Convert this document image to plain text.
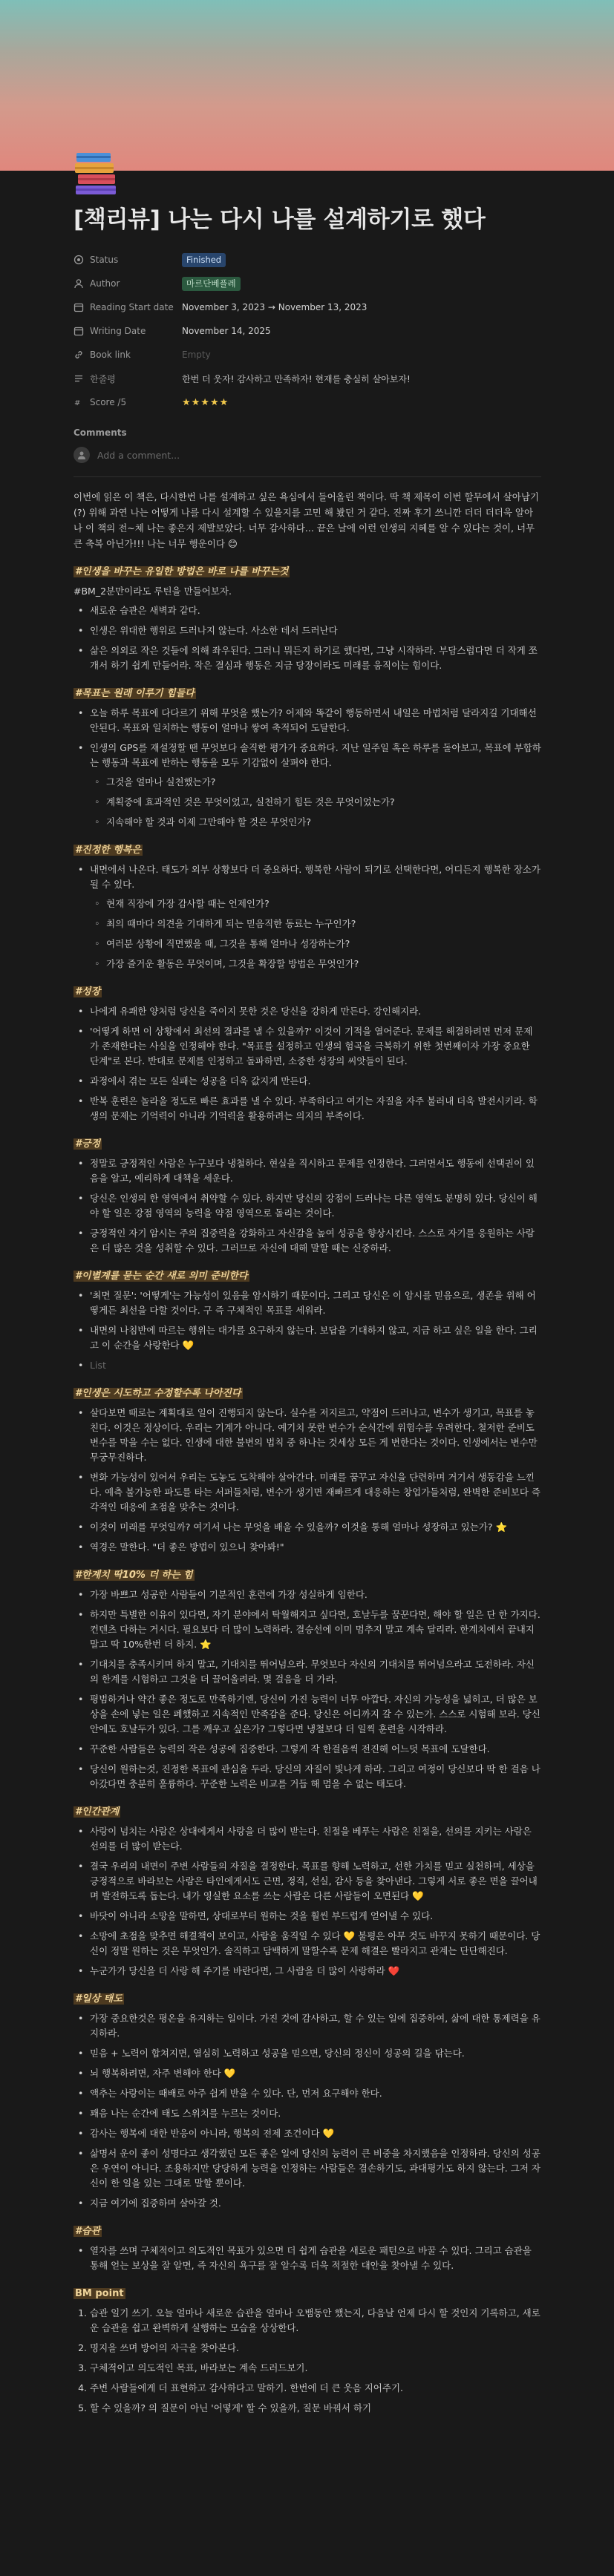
[책리뷰] 나는 다시 나를 설계하기로 했다
Status	Finished
Author	마르단베플레
Reading Start date November 3, 2023 → November 13, 2023
Writing Date	November 14, 2025
Book link	Empty
한줄평	한번 더 웃자! 감사하고 만족하자! 현재를 충실히 살아보자!
# Score /5	★★★★★
Comments
Add a comment...

이번에 읽은 이 책은, 다시한번 나를 설계하고 싶은 욕심에서 들어올린 책이다. 딱 책 제목이 이번 할무에서 살아남기(?) 위해 과연 나는 어떻게 나를 다시 설계할 수 있을지를 고민 해 봤던 거 같다. 진짜 후기 쓰니깐 더더 더더욱 알아나 이 책의 전~체 나는 좋은지 제발보았다. 너무 감사하다... 끝은 날에 이런 인생의 지혜를 알 수 있다는 것이, 너무 큰 축복 아닌가!!! 나는 너무 행운이다 😊

#인생을 바꾸는 유일한 방법은 바로 나를 바꾸는것
#BM_2분만이라도 루틴을 만들어보자.
• 새로운 습관은 새벽과 같다.
• 인생은 위대한 행위로 드러나지 않는다. 사소한 데서 드러난다
• 삶은 의외로 작은 것들에 의해 좌우된다. 그러니 뭐든지 하기로 했다면, 그냥 시작하라. 부담스럽다면 더 작게 쪼개서 하기 쉽게 만들어라. 작은 결심과 행동은 지금 당장이라도 미래를 움직이는 힘이다.
#목표는 원래 이루기 힘들다
• 오늘 하루 목표에 다다르기 위해 무엇을 했는가? 어제와 똑같이 행동하면서 내일은 마법처럼 달라지길 기대해선 안된다. 목표와 일치하는 행동이 얼마나 쌓여 축적되어 도달한다.
• 인생의 GPS를 재설정할 땐 무엇보다 솔직한 평가가 중요하다. 지난 일주일 혹은 하루를 돌아보고, 목표에 부합하는 행동과 목표에 반하는 행동을 모두 기감없이 살펴야 한다.
◦ 그것을 얼마나 실천했는가?
◦ 계획중에 효과적인 것은 무엇이었고, 실천하기 힘든 것은 무엇이었는가?
◦ 지속해야 할 것과 이제 그만해야 할 것은 무엇인가?
#진정한 행복은
• 내면에서 나온다. 태도가 외부 상황보다 더 중요하다. 행복한 사람이 되기로 선택한다면, 어디든지 행복한 장소가 될 수 있다.
◦ 현재 직장에 가장 감사할 때는 언제인가?
◦ 최의 때마다 의견을 기대하게 되는 믿음직한 동료는 누구인가?
◦ 여러분 상황에 직면했을 때, 그것을 통해 얼마나 성장하는가?
◦ 가장 즐거운 활동은 무엇이며, 그것을 확장할 방법은 무엇인가?
#성장
• 나에게 유쾌한 양처럼 당신을 죽이지 못한 것은 당신을 강하게 만든다. 강인해지라.
• '어떻게 하면 이 상황에서 최선의 결과를 낼 수 있을까?' 이것이 기적을 열어준다. 문제를 해결하려면 먼저 문제가 존재한다는 사실을 인정해야 한다. "목표를 설정하고 인생의 험곡을 극복하기 위한 첫번째이자 가장 중요한 단계"로 본다. 반대로 문제를 인정하고 돌파하면, 소중한 성장의 씨앗들이 된다.
• 과정에서 겪는 모든 실패는 성공을 더욱 값지게 만든다.
• 반복 훈련은 놀라울 정도로 빠른 효과를 낼 수 있다. 부족하다고 여기는 자질을 자주 불러내 더욱 발전시키라. 학생의 문제는 기억력이 아니라 기억력을 활용하려는 의지의 부족이다.
#긍정
• 정말로 긍정적인 사람은 누구보다 냉철하다. 현실을 직시하고 문제를 인정한다. 그러면서도 행동에 선택권이 있음을 알고, 예리하게 대책을 세운다.
• 당신은 인생의 한 영역에서 취약할 수 있다. 하지만 당신의 강점이 드러나는 다른 영역도 분명히 있다. 당신이 해야 할 일은 강점 영역의 능력을 약점 영역으로 돌리는 것이다.
• 긍정적인 자기 암시는 주의 집중력을 강화하고 자신감을 높여 성공을 향상시킨다. 스스로 자기를 응원하는 사람은 더 많은 것을 성취할 수 있다. 그러므로 자신에 대해 말할 때는 신중하라.
#이별계를 묻는 순간 새로 의미 준비한다
• '최면 질문': '어떻게'는 가능성이 있음을 암시하기 때문이다. 그리고 당신은 이 암시를 믿음으로, 생존을 위해 어떻게든 최선을 다할 것이다. 구 즉 구체적인 목표를 세워라.
• 내면의 나침반에 따르는 행위는 대가를 요구하지 않는다. 보답을 기대하지 않고, 지금 하고 싶은 일을 한다. 그리고 이 순간을 사랑한다 💛
• List
#인생은 시도하고 수정할수록 나아진다
• 살다보면 때로는 계획대로 일이 진행되지 않는다. 실수를 저지르고, 약점이 드러나고, 변수가 생기고, 목표를 놓친다. 이것은 정상이다. 우리는 기계가 아니다. 예기치 못한 변수가 순식간에 위험수를 우려한다. 철저한 준비도 변수를 막을 수는 없다. 인생에 대한 불변의 법칙 중 하나는 것세상 모든 게 변한다는 것이다. 인생에서는 변수만 무궁무진하다.
• 변화 가능성이 있어서 우리는 도놓도 도착해야 살아간다. 미래를 꿈꾸고 자신을 단련하며 거기서 생동감을 느낀다. 예측 불가능한 파도를 타는 서퍼들처럼, 변수가 생기면 재빠르게 대응하는 창업가들처럼, 완벽한 준비보다 즉각적인 대응에 초점을 맞추는 것이다.
• 이것이 미래를 무엇일까? 여기서 나는 무엇을 배울 수 있을까? 이것을 통해 얼마나 성장하고 있는가? ⭐
• 역경은 말한다. "더 좋은 방법이 있으니 찾아봐!"
#한계치 딱10% 더 하는 힘
• 가장 바쁘고 성공한 사람들이 기분적인 훈련에 가장 성실하게 임한다.
• 하지만 특별한 이유이 있다면, 자기 분야에서 탁월해지고 싶다면, 호날두를 꿈꾼다면, 해야 할 일은 단 한 가지다. 컨텐츠 다하는 거시다. 필요보다 더 많이 노력하라. 결승선에 이미 멈추지 말고 계속 달리라. 한계치에서 끝내지말고 딱 10%한번 더 하지. ⭐
• 기대치를 충족시키며 하지 말고, 기대치를 뛰어넘으라. 무엇보다 자신의 기대치를 뛰어넘으라고 도전하라. 자신의 한계를 시험하고 그것을 더 끌어올려라. 몇 걸음을 더 가라.
• 평범하거나 약간 좋은 정도로 만족하기엔, 당신이 가진 능력이 너무 아깝다. 자신의 가능성을 넓히고, 더 많은 보상을 손에 넣는 일은 폐했하고 지속적인 만족감을 준다. 당신은 어디까지 갈 수 있는가. 스스로 시험해 보라. 당신 안에도 호날두가 있다. 그를 깨우고 싶은가? 그렇다면 냉철보다 더 일찍 훈련을 시작하라.
• 꾸준한 사람들은 능력의 작은 성공에 집중한다. 그렇게 작 한걸음씩 전진해 어느덧 목표에 도달한다.
• 당신이 원하는것, 진정한 목표에 관심을 두라. 당신의 자질이 빛나게 하라. 그리고 여정이 당신보다 딱 한 걸음 나아갔다면 충분히 훌륭하다. 꾸준한 노력은 비교를 거듭 해 멈을 수 없는 태도다.
#인간관계
• 사랑이 넘치는 사람은 상대에게서 사랑을 더 많이 받는다. 친절을 베푸는 사람은 친절을, 선의를 지키는 사람은 선의를 더 많이 받는다.
• 결국 우리의 내면이 주변 사람들의 자질을 결정한다. 목표를 향해 노력하고, 선한 가치를 믿고 실천하며, 세상을 긍정적으로 바라보는 사람은 타인에게서도 근면, 정직, 선실, 감사 등을 찾아낸다. 그렇게 서로 좋은 면을 끌어내며 발전하도록 돕는다. 내가 영실한 요소를 쓰는 사람은 다른 사람들이 오면된다 💛
• 바닷이 아니라 소망을 말하면, 상대로부터 원하는 것을 훨씬 부드럽게 얻어낼 수 있다.
• 소망에 초점을 맞추면 해결책이 보이고, 사람을 움직일 수 있다 💛 불평은 아무 것도 바꾸지 못하기 때문이다. 당신이 정말 원하는 것은 무엇인가. 솔직하고 담백하게 말할수록 문제 해결은 빨라지고 관계는 단단해진다.
• 누군가가 당신을 더 사랑 해 주기를 바란다면, 그 사람을 더 많이 사랑하라 ❤️
#일상 태도
• 가장 중요한것은 평온을 유지하는 일이다. 가진 것에 감사하고, 할 수 있는 일에 집중하여, 삶에 대한 통제력을 유지하라.
• 믿음 + 노력이 합쳐지면, 열심히 노력하고 성공을 믿으면, 당신의 정신이 성공의 길을 닦는다.
• 뇌 행복하려면, 자주 변해야 한다 💛
• 액추는 사랑이는 때배로 아주 쉽게 반을 수 있다. 단, 먼저 요구해야 한다.
• 꽤음 나는 순간에 태도 스위치를 누르는 것이다.
• 감사는 행복에 대한 반응이 아니라, 행복의 전제 조건이다 💛
• 삶명서 운이 좋이 성명다고 생각했던 모든 좋은 일에 당신의 능력이 큰 비중을 차지했음을 인정하라. 당신의 성공은 우연이 아니다. 조용하지만 당당하게 능력을 인정하는 사람들은 겸손하기도, 과대평가도 하지 않는다. 그저 자신이 한 일을 있는 그대로 말할 뿐이다.
• 지금 여기에 집중하며 살아갈 것.
#습관
• 열자를 쓰며 구체적이고 의도적인 목표가 있으면 더 쉽게 습관을 새로운 패턴으로 바꿀 수 있다. 그리고 습관을 통해 얻는 보상을 잘 알면, 즉 자신의 욕구를 잘 알수록 더욱 적절한 대안을 찾아낼 수 있다.
BM point
1. 습관 일기 쓰기. 오늘 얼마나 새로운 습관을 얼마나 오뱀동안 했는지, 다음날 언제 다시 할 것인지 기록하고, 새로운 습관을 쉽고 완벽하게 실행하는 모습을 상상한다.
2. 명지을 쓰며 방어의 자극을 찾아본다.
3. 구체적이고 의도적인 목표, 바라보는 계속 드러드보기.
4. 주변 사람들에게 더 표현하고 감사하다고 말하기. 한번에 더 큰 웃음 지어주기.
5. 할 수 있을까? 의 질문이 아닌 '어떻게' 할 수 있을까, 질문 바꿔서 하기
